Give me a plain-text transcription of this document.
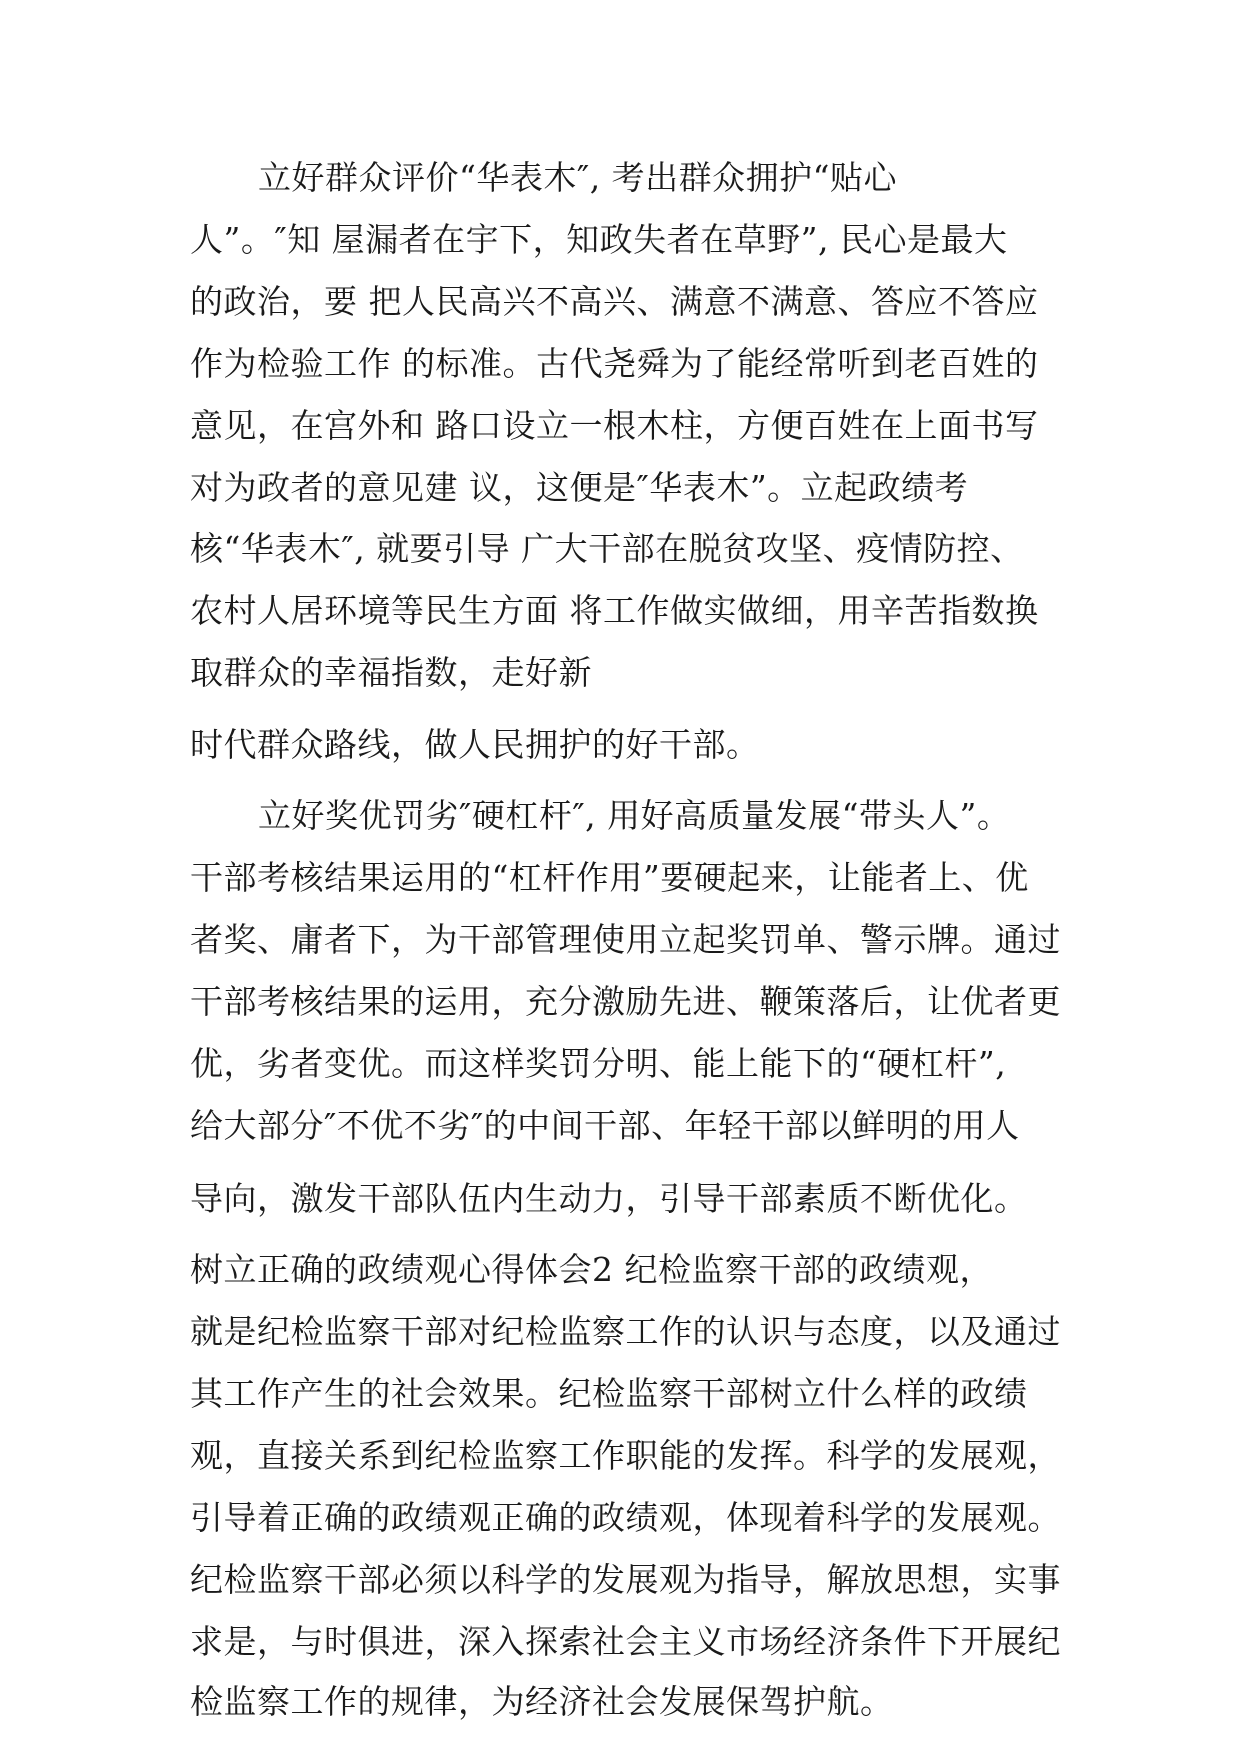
立好群众评价“华表木″, 考出群众拥护“贴心
人”。″知 屋漏者在宇下，知政失者在草野”, 民心是最大
的政治，要 把人民高兴不高兴、满意不满意、答应不答应
作为检验工作 的标准。古代尧舜为了能经常听到老百姓的
意见，在宫外和 路口设立一根木柱，方便百姓在上面书写
对为政者的意见建 议，这便是″华表木”。立起政绩考
核“华表木″, 就要引导 广大干部在脱贫攻坚、疫情防控、
农村人居环境等民生方面 将工作做实做细，用辛苦指数换
取群众的幸福指数，走好新
时代群众路线，做人民拥护的好干部。
立好奖优罚劣″硬杠杆″, 用好高质量发展“带头人”。
干部考核结果运用的“杠杆作用”要硬起来，让能者上、优
者奖、庸者下，为干部管理使用立起奖罚单、警示牌。通过
干部考核结果的运用，充分激励先进、鞭策落后，让优者更
优，劣者变优。而这样奖罚分明、能上能下的“硬杠杆”,
给大部分″不优不劣″的中间干部、年轻干部以鲜明的用人
导向，激发干部队伍内生动力，引导干部素质不断优化。
树立正确的政绩观心得体会2 纪检监察干部的政绩观，
就是纪检监察干部对纪检监察工作的认识与态度，以及通过
其工作产生的社会效果。纪检监察干部树立什么样的政绩
观，直接关系到纪检监察工作职能的发挥。科学的发展观，
引导着正确的政绩观正确的政绩观，体现着科学的发展观。
纪检监察干部必须以科学的发展观为指导，解放思想，实事
求是，与时俱进，深入探索社会主义市场经济条件下开展纪
检监察工作的规律，为经济社会发展保驾护航。
